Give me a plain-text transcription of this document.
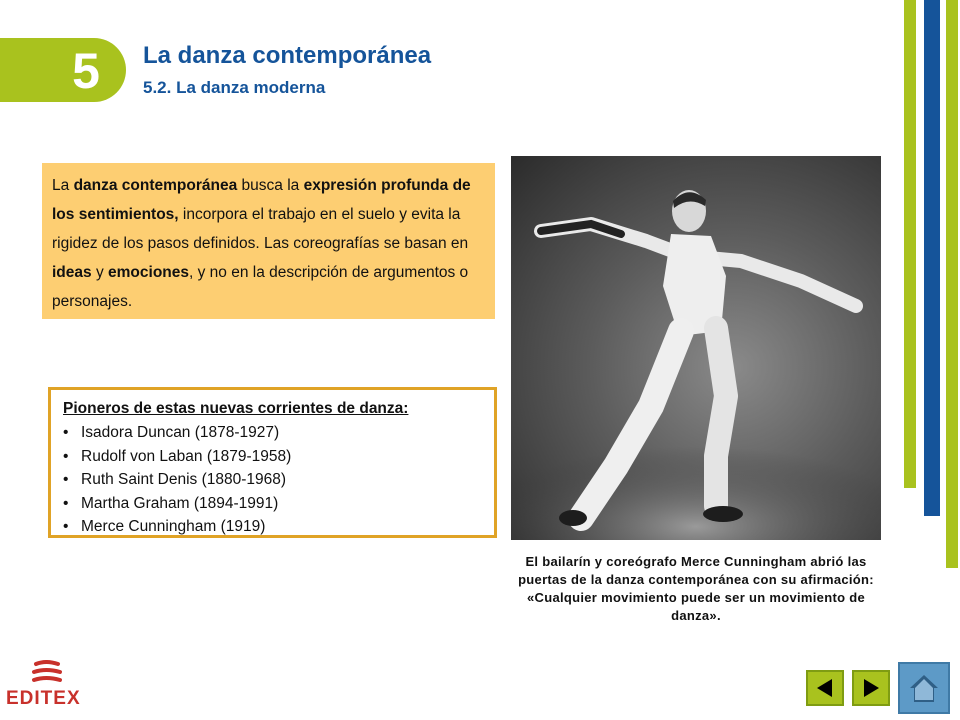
5 La danza contemporánea
5.2. La danza moderna
La danza contemporánea busca la expresión profunda de los sentimientos, incorpora el trabajo en el suelo y evita la rigidez de los pasos definidos. Las coreografías se basan en ideas y emociones, y no en la descripción de argumentos o personajes.
Pioneros de estas nuevas corrientes de danza:
• Isadora Duncan (1878-1927)
• Rudolf von Laban (1879-1958)
• Ruth Saint Denis (1880-1968)
• Martha Graham (1894-1991)
• Merce Cunningham (1919)
El bailarín y coreógrafo Merce Cunningham abrió las puertas de la danza contemporánea con su afirmación: «Cualquier movimiento puede ser un movimiento de danza».
EDITEX
